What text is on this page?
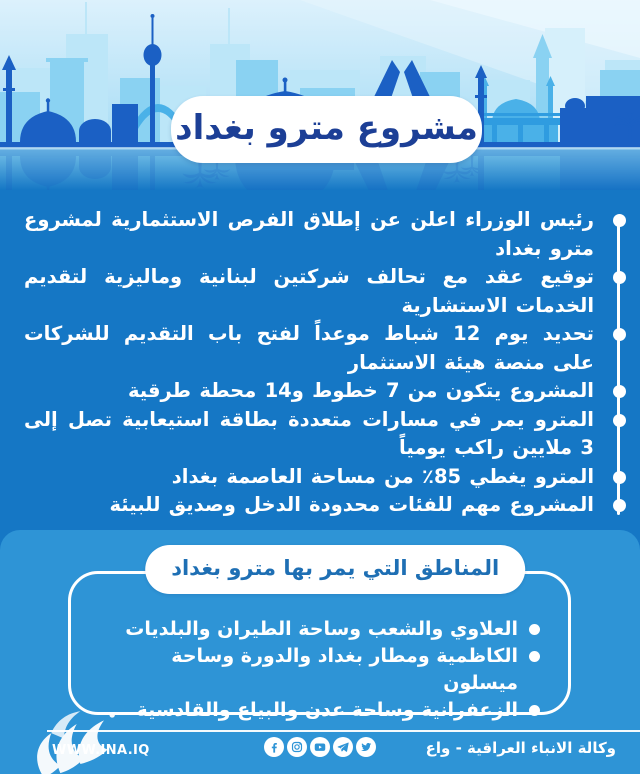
مشروع مترو بغداد
رئيس الوزراء اعلن عن إطلاق الفرص الاستثمارية لمشروع مترو بغداد
توقيع عقد مع تحالف شركتين لبنانية وماليزية لتقديم الخدمات الاستشارية
تحديد يوم 12 شباط موعداً لفتح باب التقديم للشركات على منصة هيئة الاستثمار
المشروع يتكون من 7 خطوط و14 محطة طرقية
المترو يمر في مسارات متعددة بطاقة استيعابية تصل إلى 3 ملايين راكب يومياً
المترو يغطي 85٪ من مساحة العاصمة بغداد
المشروع مهم للفئات محدودة الدخل وصديق للبيئة
المناطق التي يمر بها مترو بغداد
العلاوي والشعب وساحة الطيران والبلديات
الكاظمية ومطار بغداد والدورة وساحة ميسلون
الزعفرانية وساحة عدن والبياع والقادسية
وكالة الانباء العراقية - واع
WWW.INA.IQ
